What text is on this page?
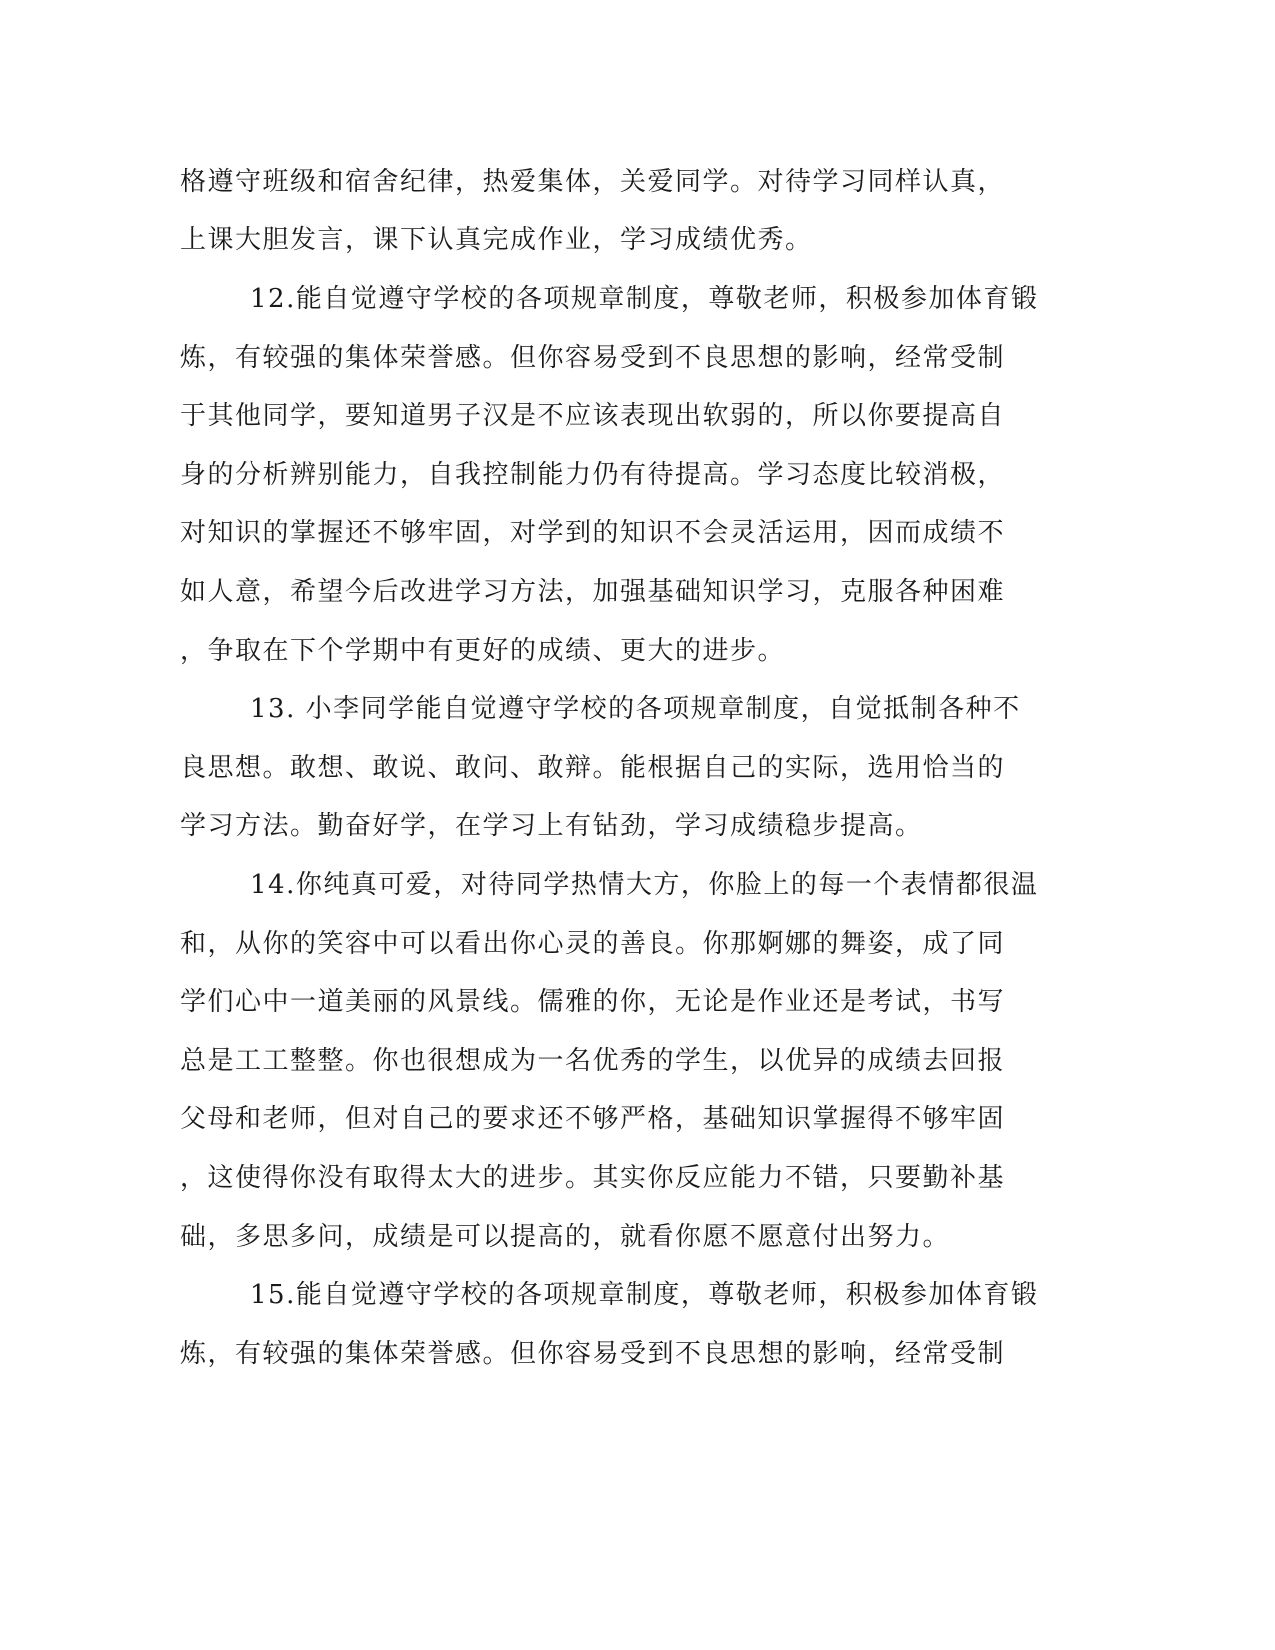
格遵守班级和宿舍纪律，热爱集体，关爱同学。对待学习同样认真，
上课大胆发言，课下认真完成作业，学习成绩优秀。
12.能自觉遵守学校的各项规章制度，尊敬老师，积极参加体育锻
炼，有较强的集体荣誉感。但你容易受到不良思想的影响，经常受制
于其他同学，要知道男子汉是不应该表现出软弱的，所以你要提高自
身的分析辨别能力，自我控制能力仍有待提高。学习态度比较消极，
对知识的掌握还不够牢固，对学到的知识不会灵活运用，因而成绩不
如人意，希望今后改进学习方法，加强基础知识学习，克服各种困难
，争取在下个学期中有更好的成绩、更大的进步。
13. 小李同学能自觉遵守学校的各项规章制度，自觉抵制各种不
良思想。敢想、敢说、敢问、敢辩。能根据自己的实际，选用恰当的
学习方法。勤奋好学，在学习上有钻劲，学习成绩稳步提高。
14.你纯真可爱，对待同学热情大方，你脸上的每一个表情都很温
和，从你的笑容中可以看出你心灵的善良。你那婀娜的舞姿，成了同
学们心中一道美丽的风景线。儒雅的你，无论是作业还是考试，书写
总是工工整整。你也很想成为一名优秀的学生，以优异的成绩去回报
父母和老师，但对自己的要求还不够严格，基础知识掌握得不够牢固
，这使得你没有取得太大的进步。其实你反应能力不错，只要勤补基
础，多思多问，成绩是可以提高的，就看你愿不愿意付出努力。
15.能自觉遵守学校的各项规章制度，尊敬老师，积极参加体育锻
炼，有较强的集体荣誉感。但你容易受到不良思想的影响，经常受制
